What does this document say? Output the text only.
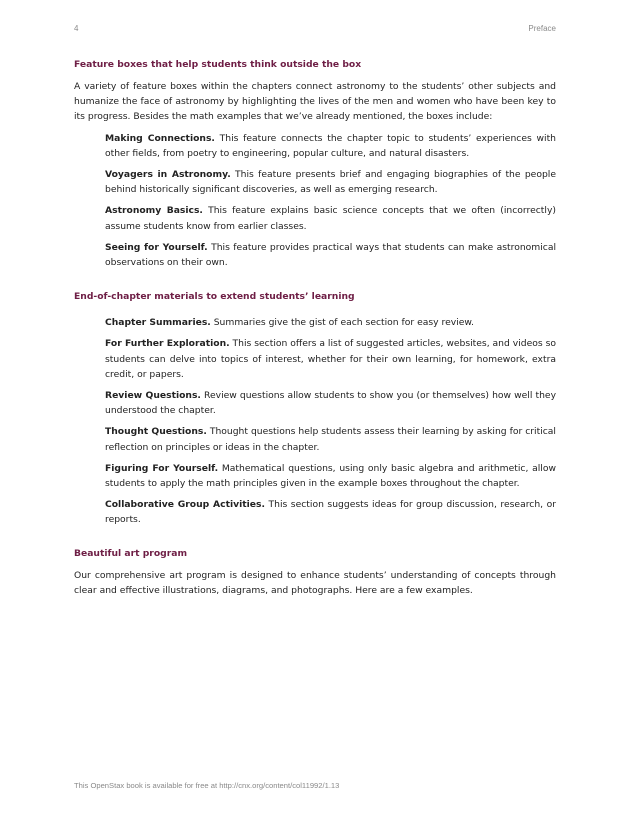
4	Preface
Feature boxes that help students think outside the box

A variety of feature boxes within the chapters connect astronomy to the students’ other subjects and humanize the face of astronomy by highlighting the lives of the men and women who have been key to its progress. Besides the math examples that we’ve already mentioned, the boxes include:

Making Connections. This feature connects the chapter topic to students’ experiences with other fields, from poetry to engineering, popular culture, and natural disasters.
Voyagers in Astronomy. This feature presents brief and engaging biographies of the people behind historically significant discoveries, as well as emerging research.
Astronomy Basics. This feature explains basic science concepts that we often (incorrectly) assume students know from earlier classes.
Seeing for Yourself. This feature provides practical ways that students can make astronomical observations on their own.
End-of-chapter materials to extend students’ learning
Chapter Summaries. Summaries give the gist of each section for easy review.
For Further Exploration. This section offers a list of suggested articles, websites, and videos so students can delve into topics of interest, whether for their own learning, for homework, extra credit, or papers.
Review Questions. Review questions allow students to show you (or themselves) how well they understood the chapter.
Thought Questions. Thought questions help students assess their learning by asking for critical reflection on principles or ideas in the chapter.
Figuring For Yourself. Mathematical questions, using only basic algebra and arithmetic, allow students to apply the math principles given in the example boxes throughout the chapter.
Collaborative Group Activities. This section suggests ideas for group discussion, research, or reports.
Beautiful art program

Our comprehensive art program is designed to enhance students’ understanding of concepts through clear and effective illustrations, diagrams, and photographs. Here are a few examples.

This OpenStax book is available for free at http://cnx.org/content/col11992/1.13
